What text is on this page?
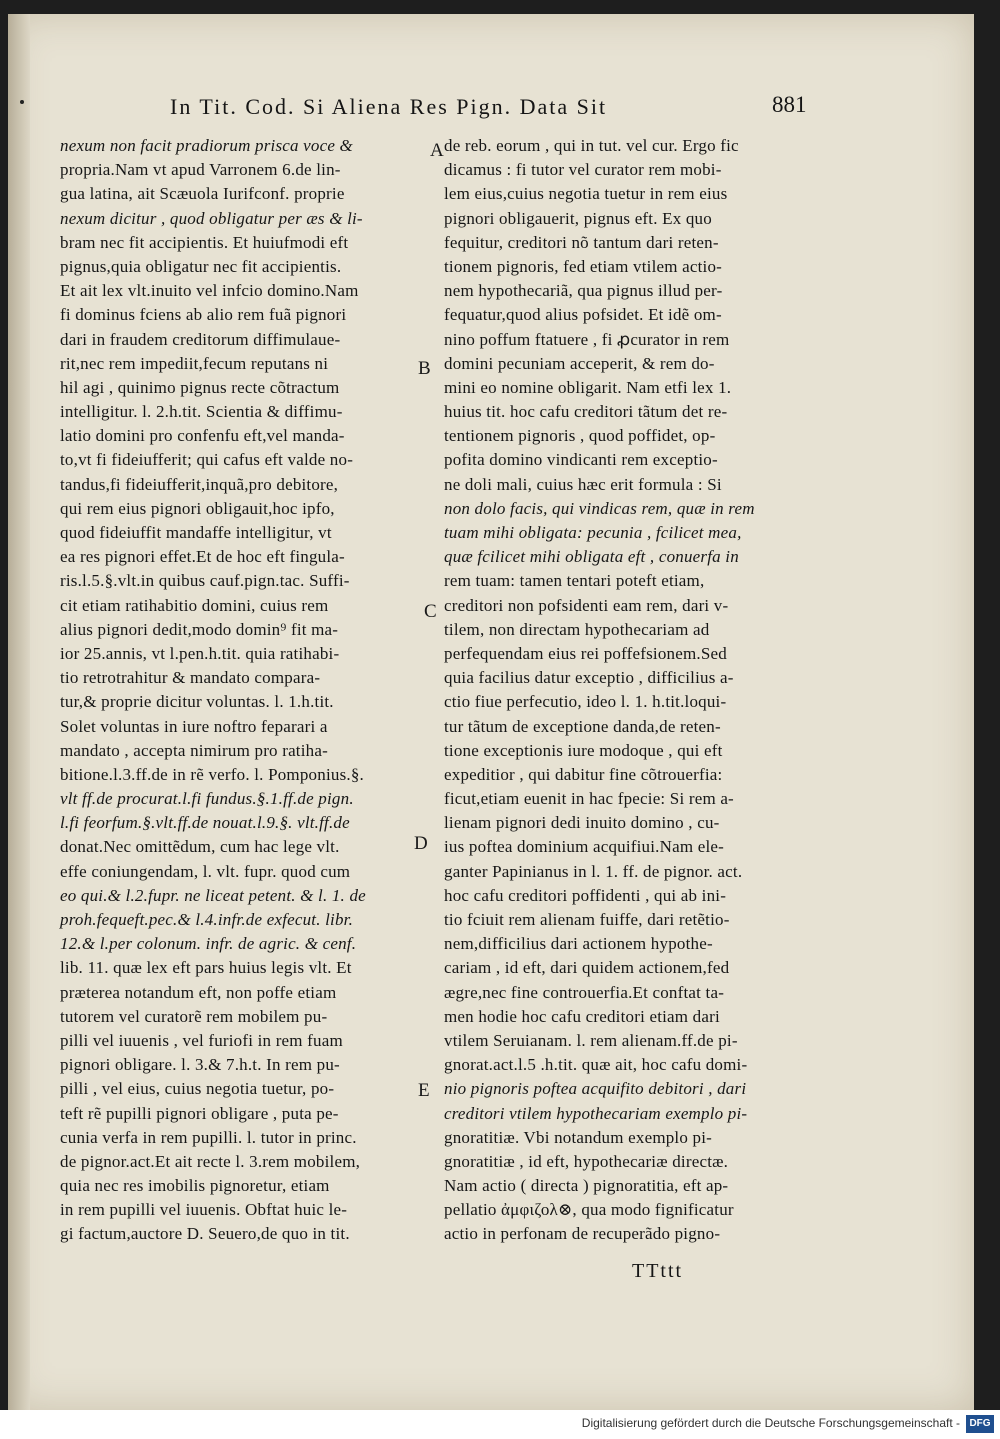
In Tit. Cod. Si Aliena Res Pign. Data Sit	881
nexum non facit pradiorum prisca voce &
propria.Nam vt apud Varronem 6.de lin-
gua latina, ait Scæuola Iurifconf. proprie
nexum dicitur , quod obligatur per æs & li-
bram nec fit accipientis. Et huiufmodi eft
pignus,quia obligatur nec fit accipientis.
Et ait lex vlt.inuito vel infcio domino.Nam
fi dominus fciens ab alio rem fuã pignori
dari in fraudem creditorum diffimulaue-
rit,nec rem impediit,fecum reputans ni
hil agi , quinimo pignus recte cõtractum
intelligitur. l. 2.h.tit. Scientia & diffimu-
latio domini pro confenfu eft,vel manda-
to,vt fi fideiufferit; qui cafus eft valde no-
tandus,fi fideiufferit,inquã,pro debitore,
qui rem eius pignori obligauit,hoc ipfo,
quod fideiuffit mandaffe intelligitur, vt
ea res pignori effet.Et de hoc eft fingula-
ris.l.5.§.vlt.in quibus cauf.pign.tac. Suffi-
cit etiam ratihabitio domini, cuius rem
alius pignori dedit,modo domin⁹ fit ma-
ior 25.annis, vt l.pen.h.tit. quia ratihabi-
tio retrotrahitur & mandato compara-
tur,& proprie dicitur voluntas. l. 1.h.tit.
Solet voluntas in iure noftro feparari a
mandato , accepta nimirum pro ratiha-
bitione.l.3.ff.de in rẽ verfo. l. Pomponius.§.
vlt ff.de procurat.l.fi fundus.§.1.ff.de pign.
l.fi feorfum.§.vlt.ff.de nouat.l.9.§. vlt.ff.de
donat.Nec omittẽdum, cum hac lege vlt.
effe coniungendam, l. vlt. fupr. quod cum
eo qui.& l.2.fupr. ne liceat petent. & l. 1. de
proh.fequeft.pec.& l.4.infr.de exfecut. libr.
12.& l.per colonum. infr. de agric. & cenf.
lib. 11. quæ lex eft pars huius legis vlt. Et
præterea notandum eft, non poffe etiam
tutorem vel curatorẽ rem mobilem pu-
pilli vel iuuenis , vel furiofi in rem fuam
pignori obligare. l. 3.& 7.h.t. In rem pu-
pilli , vel eius, cuius negotia tuetur, po-
teft rẽ pupilli pignori obligare , puta pe-
cunia verfa in rem pupilli. l. tutor in princ.
de pignor.act.Et ait recte l. 3.rem mobilem,
quia nec res imobilis pignoretur, etiam
in rem pupilli vel iuuenis. Obftat huic le-
gi factum,auctore D. Seuero,de quo in tit.
de reb. eorum , qui in tut. vel cur. Ergo fic
dicamus : fi tutor vel curator rem mobi-
lem eius,cuius negotia tuetur in rem eius
pignori obligauerit, pignus eft. Ex quo
fequitur, creditori nõ tantum dari reten-
tionem pignoris, fed etiam vtilem actio-
nem hypothecariã, qua pignus illud per-
fequatur,quod alius pofsidet. Et idẽ om-
nino poffum ftatuere , fi ꝓcurator in rem
domini pecuniam acceperit, & rem do-
mini eo nomine obligarit. Nam etfi lex 1.
huius tit. hoc cafu creditori tãtum det re-
tentionem pignoris , quod poffidet, op-
pofita domino vindicanti rem exceptio-
ne doli mali, cuius hæc erit formula : Si
non dolo facis, qui vindicas rem, quæ in rem
tuam mihi obligata: pecunia , fcilicet mea,
quæ fcilicet mihi obligata eft , conuerfa in
rem tuam: tamen tentari poteft etiam,
creditori non pofsidenti eam rem, dari v-
tilem, non directam hypothecariam ad
perfequendam eius rei poffefsionem.Sed
quia facilius datur exceptio , difficilius a-
ctio fiue perfecutio, ideo l. 1. h.tit.loqui-
tur tãtum de exceptione danda,de reten-
tione exceptionis iure modoque , qui eft
expeditior , qui dabitur fine cõtrouerfia:
ficut,etiam euenit in hac fpecie: Si rem a-
lienam pignori dedi inuito domino , cu-
ius poftea dominium acquifiui.Nam ele-
ganter Papinianus in l. 1. ff. de pignor. act.
hoc cafu creditori poffidenti , qui ab ini-
tio fciuit rem alienam fuiffe, dari retẽtio-
nem,difficilius dari actionem hypothe-
cariam , id eft, dari quidem actionem,fed
ægre,nec fine controuerfia.Et conftat ta-
men hodie hoc cafu creditori etiam dari
vtilem Seruianam. l. rem alienam.ff.de pi-
gnorat.act.l.5 .h.tit. quæ ait, hoc cafu domi-
nio pignoris poftea acquifito debitori , dari
creditori vtilem hypothecariam exemplo pi-
gnoratitiæ. Vbi notandum exemplo pi-
gnoratitiæ , id eft, hypothecariæ directæ.
Nam actio ( directa ) pignoratitia, eft ap-
pellatio ἀμφιζολ⊗, qua modo fignificatur
actio in perfonam de recuperãdo pigno-
A
B
C
D
E
TTttt
Digitalisierung gefördert durch die Deutsche Forschungsgemeinschaft - DFG
